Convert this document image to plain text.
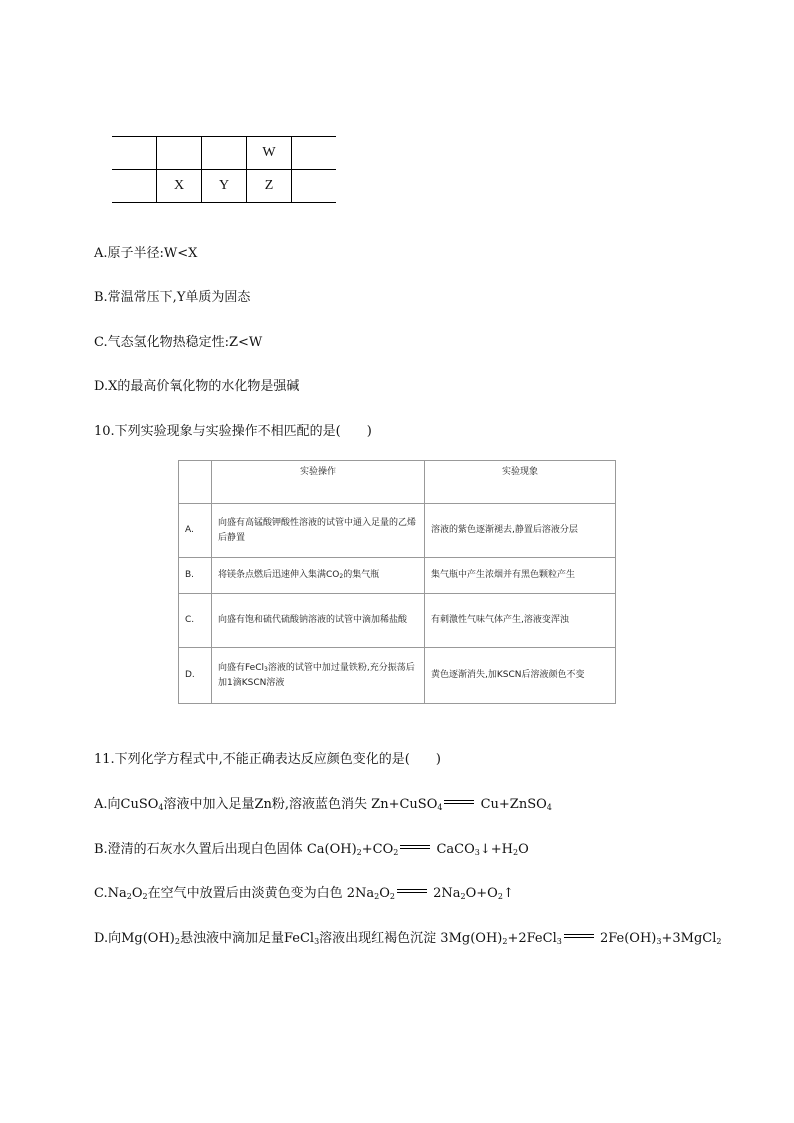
			W	
	X	Y	Z	
A.原子半径:W<X
B.常温常压下,Y单质为固态
C.气态氢化物热稳定性:Z<W
D.X的最高价氧化物的水化物是强碱
10.下列实验现象与实验操作不相匹配的是(　　)
	实验操作	实验现象
A.	向盛有高锰酸钾酸性溶液的试管中通入足量的乙烯后静置	溶液的紫色逐渐褪去,静置后溶液分层
B.	将镁条点燃后迅速伸入集满$CO_2$的集气瓶	集气瓶中产生浓烟并有黑色颗粒产生
C.	向盛有饱和硫代硫酸钠溶液的试管中滴加稀盐酸	有刺激性气味气体产生,溶液变浑浊
D.	向盛有FeCl$_3$溶液的试管中加过量铁粉,充分振荡后加1滴KSCN溶液	黄色逐渐消失,加KSCN后溶液颜色不变
11.下列化学方程式中,不能正确表达反应颜色变化的是(　　)
A.向CuSO$_4$溶液中加入足量Zn粉,溶液蓝色消失 Zn+CuSO$_4$	Cu+ZnSO$_4$
B.澄清的石灰水久置后出现白色固体 $Ca(OH)_2+CO_2$	$CaCO_3↓+H_2O$
$C.Na_2O_2$在空气中放置后由淡黄色变为白色 $2Na_2O_2$	$2Na_2O+O_2↑$
D.向$Mg(OH)_2$悬浊液中滴加足量FeCl$_3$溶液出现红褐色沉淀 $3Mg(OH)_2+2FeCl_3$	$2Fe(OH)_3+3MgCl_2$
